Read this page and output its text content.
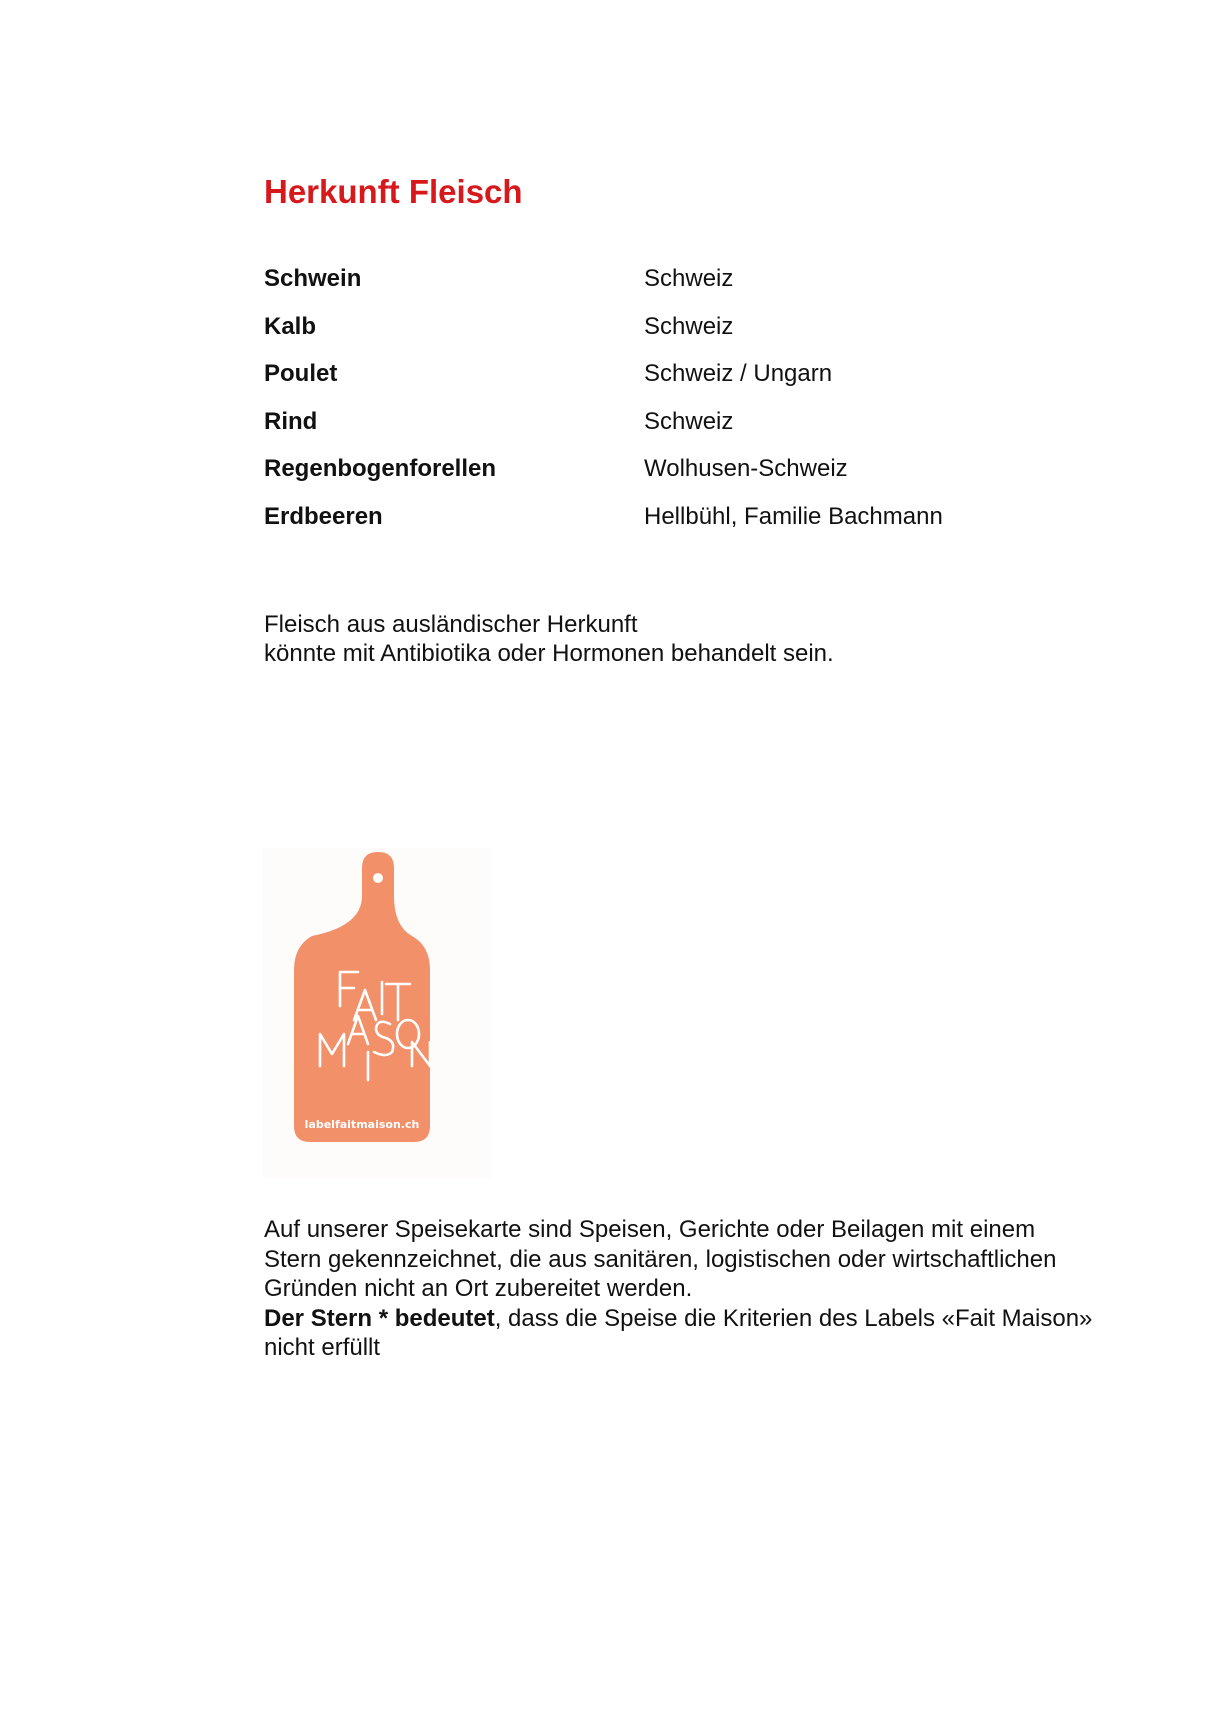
Herkunft Fleisch
Schwein	Schweiz
Kalb	Schweiz
Poulet	Schweiz / Ungarn
Rind	Schweiz
Regenbogenforellen	Wolhusen-Schweiz
Erdbeeren	Hellbühl, Familie Bachmann
Fleisch aus ausländischer Herkunft
könnte mit Antibiotika oder Hormonen behandelt sein.
labelfaitmaison.ch
Auf unserer Speisekarte sind Speisen, Gerichte oder Beilagen mit einem
Stern gekennzeichnet, die aus sanitären, logistischen oder wirtschaftlichen
Gründen nicht an Ort zubereitet werden.
Der Stern * bedeutet, dass die Speise die Kriterien des Labels «Fait Maison»
nicht erfüllt
